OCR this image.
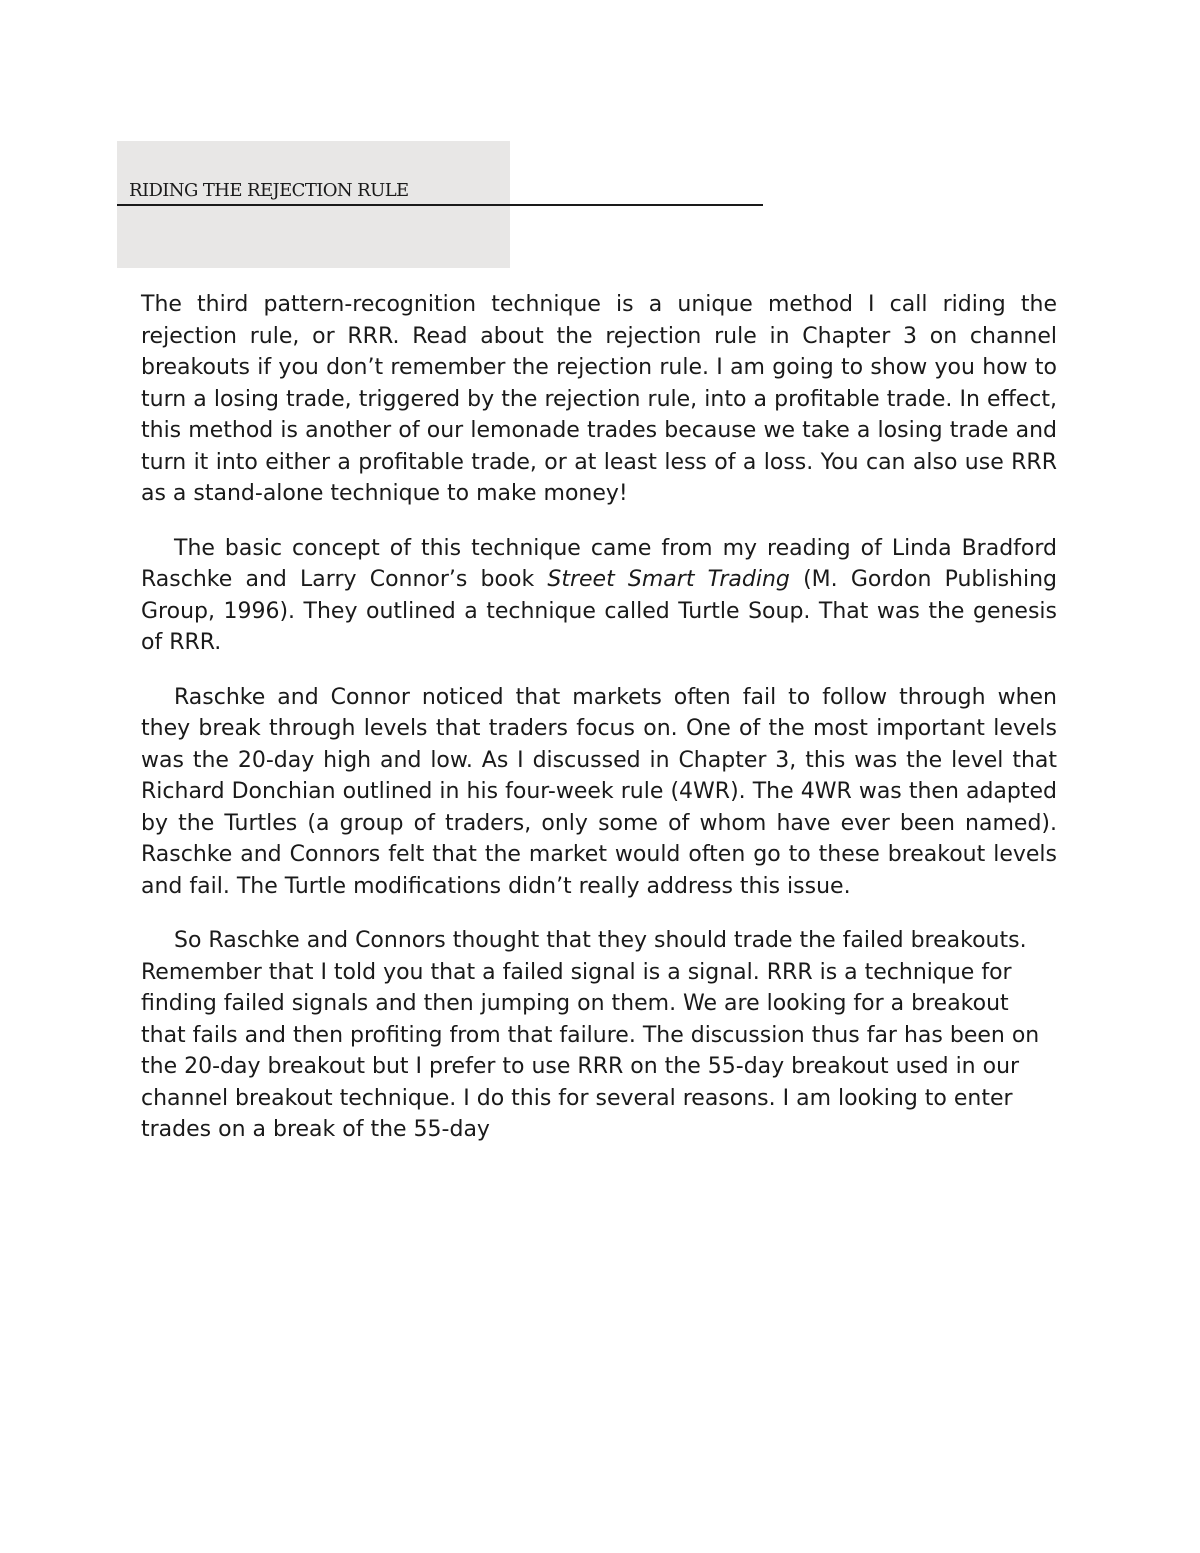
RIDING THE REJECTION RULE

The third pattern-recognition technique is a unique method I call riding the rejection rule, or RRR. Read about the rejection rule in Chapter 3 on channel breakouts if you don’t remember the rejection rule. I am going to show you how to turn a losing trade, triggered by the rejection rule, into a profitable trade. In effect, this method is another of our lemonade trades because we take a losing trade and turn it into either a profitable trade, or at least less of a loss. You can also use RRR as a stand-alone technique to make money!

The basic concept of this technique came from my reading of Linda Bradford Raschke and Larry Connor’s book Street Smart Trading (M. Gordon Publishing Group, 1996). They outlined a technique called Turtle Soup. That was the genesis of RRR.

Raschke and Connor noticed that markets often fail to follow through when they break through levels that traders focus on. One of the most important levels was the 20-day high and low. As I discussed in Chapter 3, this was the level that Richard Donchian outlined in his four-week rule (4WR). The 4WR was then adapted by the Turtles (a group of traders, only some of whom have ever been named). Raschke and Connors felt that the market would often go to these breakout levels and fail. The Turtle modifications didn’t really address this issue.

So Raschke and Connors thought that they should trade the failed breakouts. Remember that I told you that a failed signal is a signal. RRR is a technique for finding failed signals and then jumping on them. We are looking for a breakout that fails and then profiting from that failure. The discussion thus far has been on the 20-day breakout but I prefer to use RRR on the 55-day breakout used in our channel breakout technique. I do this for several reasons. I am looking to enter trades on a break of the 55-day
